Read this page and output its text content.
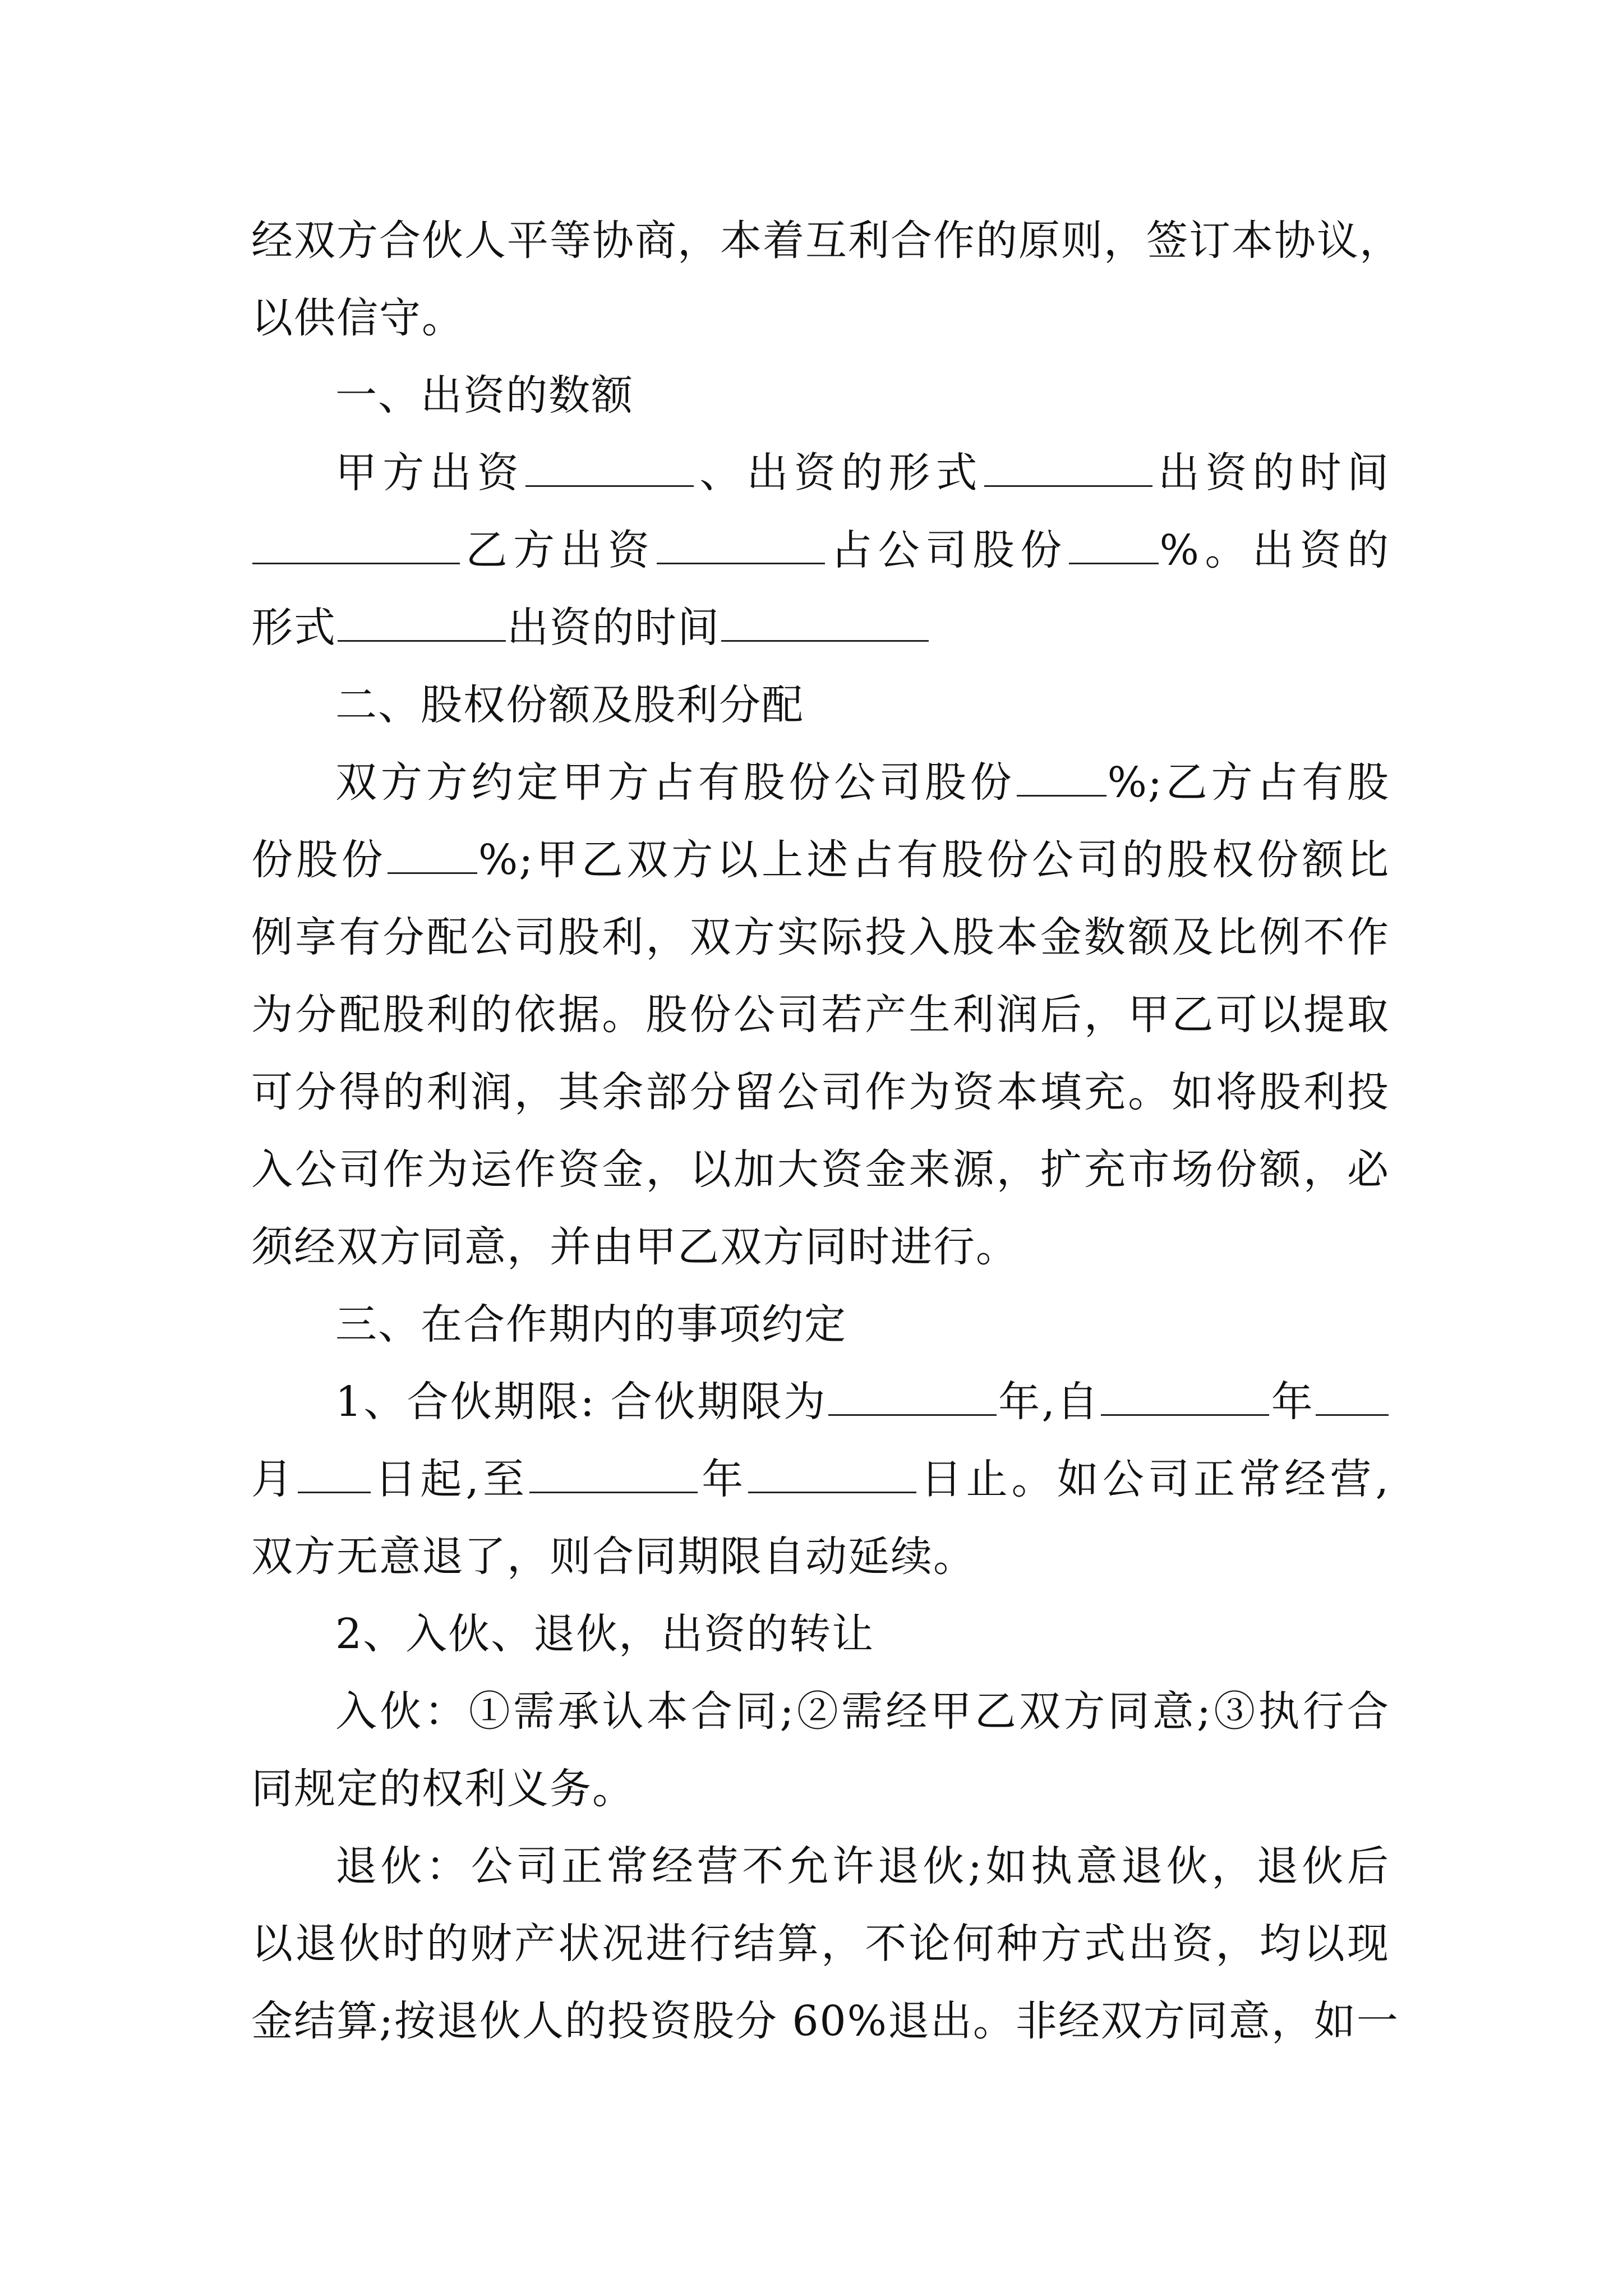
经双方合伙人平等协商，本着互利合作的原则，签订本协议，
以供信守。
一、出资的数额
甲方出资	、出资的形式	出资的时间
乙方出资	占公司股份 %。出资的
形式	出资的时间
二、股权份额及股利分配
双方方约定甲方占有股份公司股份 %;乙方占有股
份股份 %;甲乙双方以上述占有股份公司的股权份额比
例享有分配公司股利，双方实际投入股本金数额及比例不作
为分配股利的依据。股份公司若产生利润后，甲乙可以提取
可分得的利润，其余部分留公司作为资本填充。如将股利投
入公司作为运作资金，以加大资金来源，扩充市场份额，必
须经双方同意，并由甲乙双方同时进行。
三、在合作期内的事项约定
1、合伙期限: 合伙期限为	年,自	年
月 日起,至	年	日止。如公司正常经营,
双方无意退了，则合同期限自动延续。
2、入伙、退伙，出资的转让
入伙：①需承认本合同;②需经甲乙双方同意;③执行合
同规定的权利义务。
退伙：公司正常经营不允许退伙;如执意退伙，退伙后
以退伙时的财产状况进行结算，不论何种方式出资，均以现
金结算;按退伙人的投资股分 60%退出。非经双方同意，如一
